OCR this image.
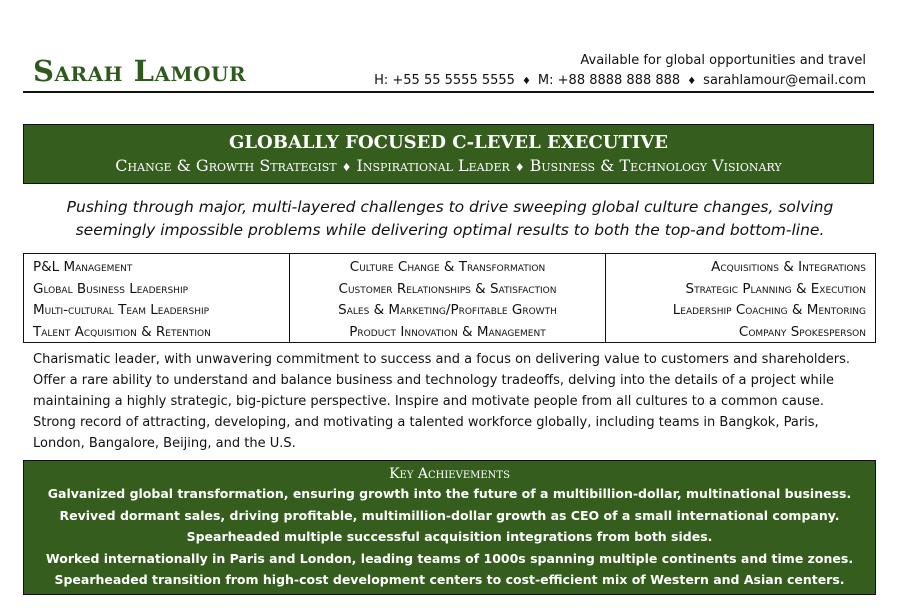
Sarah Lamour	Available for global opportunities and travel
H: +55 55 5555 5555 ♦ M: +88 8888 888 888 ♦ sarahlamour@email.com
GLOBALLY FOCUSED C-LEVEL EXECUTIVE
Change & Growth Strategist ♦ Inspirational Leader ♦ Business & Technology Visionary
Pushing through major, multi-layered challenges to drive sweeping global culture changes, solving seemingly impossible problems while delivering optimal results to both the top-and bottom-line.
P&L Management
Global Business Leadership
Multi-cultural Team Leadership
Talent Acquisition & Retention
Culture Change & Transformation
Customer Relationships & Satisfaction
Sales & Marketing/Profitable Growth
Product Innovation & Management
Acquisitions & Integrations
Strategic Planning & Execution
Leadership Coaching & Mentoring
Company Spokesperson
Charismatic leader, with unwavering commitment to success and a focus on delivering value to customers and shareholders. Offer a rare ability to understand and balance business and technology tradeoffs, delving into the details of a project while maintaining a highly strategic, big-picture perspective. Inspire and motivate people from all cultures to a common cause. Strong record of attracting, developing, and motivating a talented workforce globally, including teams in Bangkok, Paris, London, Bangalore, Beijing, and the U.S.
Key Achievements
Galvanized global transformation, ensuring growth into the future of a multibillion-dollar, multinational business.
Revived dormant sales, driving profitable, multimillion-dollar growth as CEO of a small international company.
Spearheaded multiple successful acquisition integrations from both sides.
Worked internationally in Paris and London, leading teams of 1000s spanning multiple continents and time zones.
Spearheaded transition from high-cost development centers to cost-efficient mix of Western and Asian centers.
